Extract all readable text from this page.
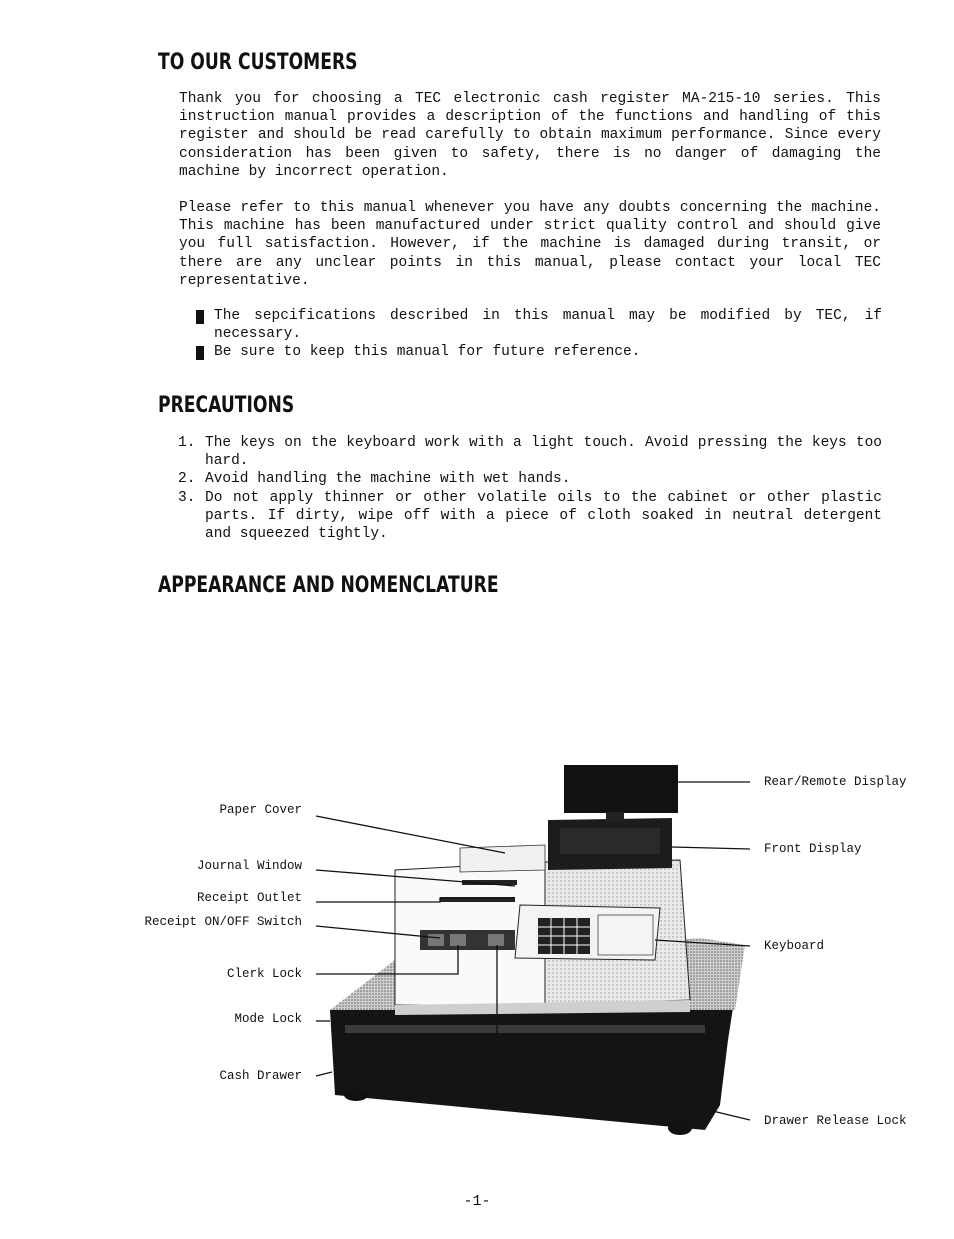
TO OUR CUSTOMERS

Thank you for choosing a TEC electronic cash register MA-215-10 series. This instruction manual provides a description of the functions and handling of this register and should be read carefully to obtain maximum performance. Since every consideration has been given to safety, there is no danger of damaging the machine by incorrect operation.

Please refer to this manual whenever you have any doubts concerning the machine. This machine has been manufactured under strict quality control and should give you full satisfaction. However, if the machine is damaged during transit, or there are any unclear points in this manual, please contact your local TEC representative.

The sepcifications described in this manual may be modified by TEC, if necessary.
Be sure to keep this manual for future reference.
PRECAUTIONS
1. The keys on the keyboard work with a light touch. Avoid pressing the keys too hard.
2. Avoid handling the machine with wet hands.
3. Do not apply thinner or other volatile oils to the cabinet or other plastic parts. If dirty, wipe off with a piece of cloth soaked in neutral detergent and squeezed tightly.
APPEARANCE AND NOMENCLATURE
Paper Cover
Journal Window
Receipt Outlet
Receipt ON/OFF Switch
Clerk Lock
Mode Lock
Cash Drawer
Rear/Remote Display
Front Display
Keyboard
Drawer Release Lock
-1-
